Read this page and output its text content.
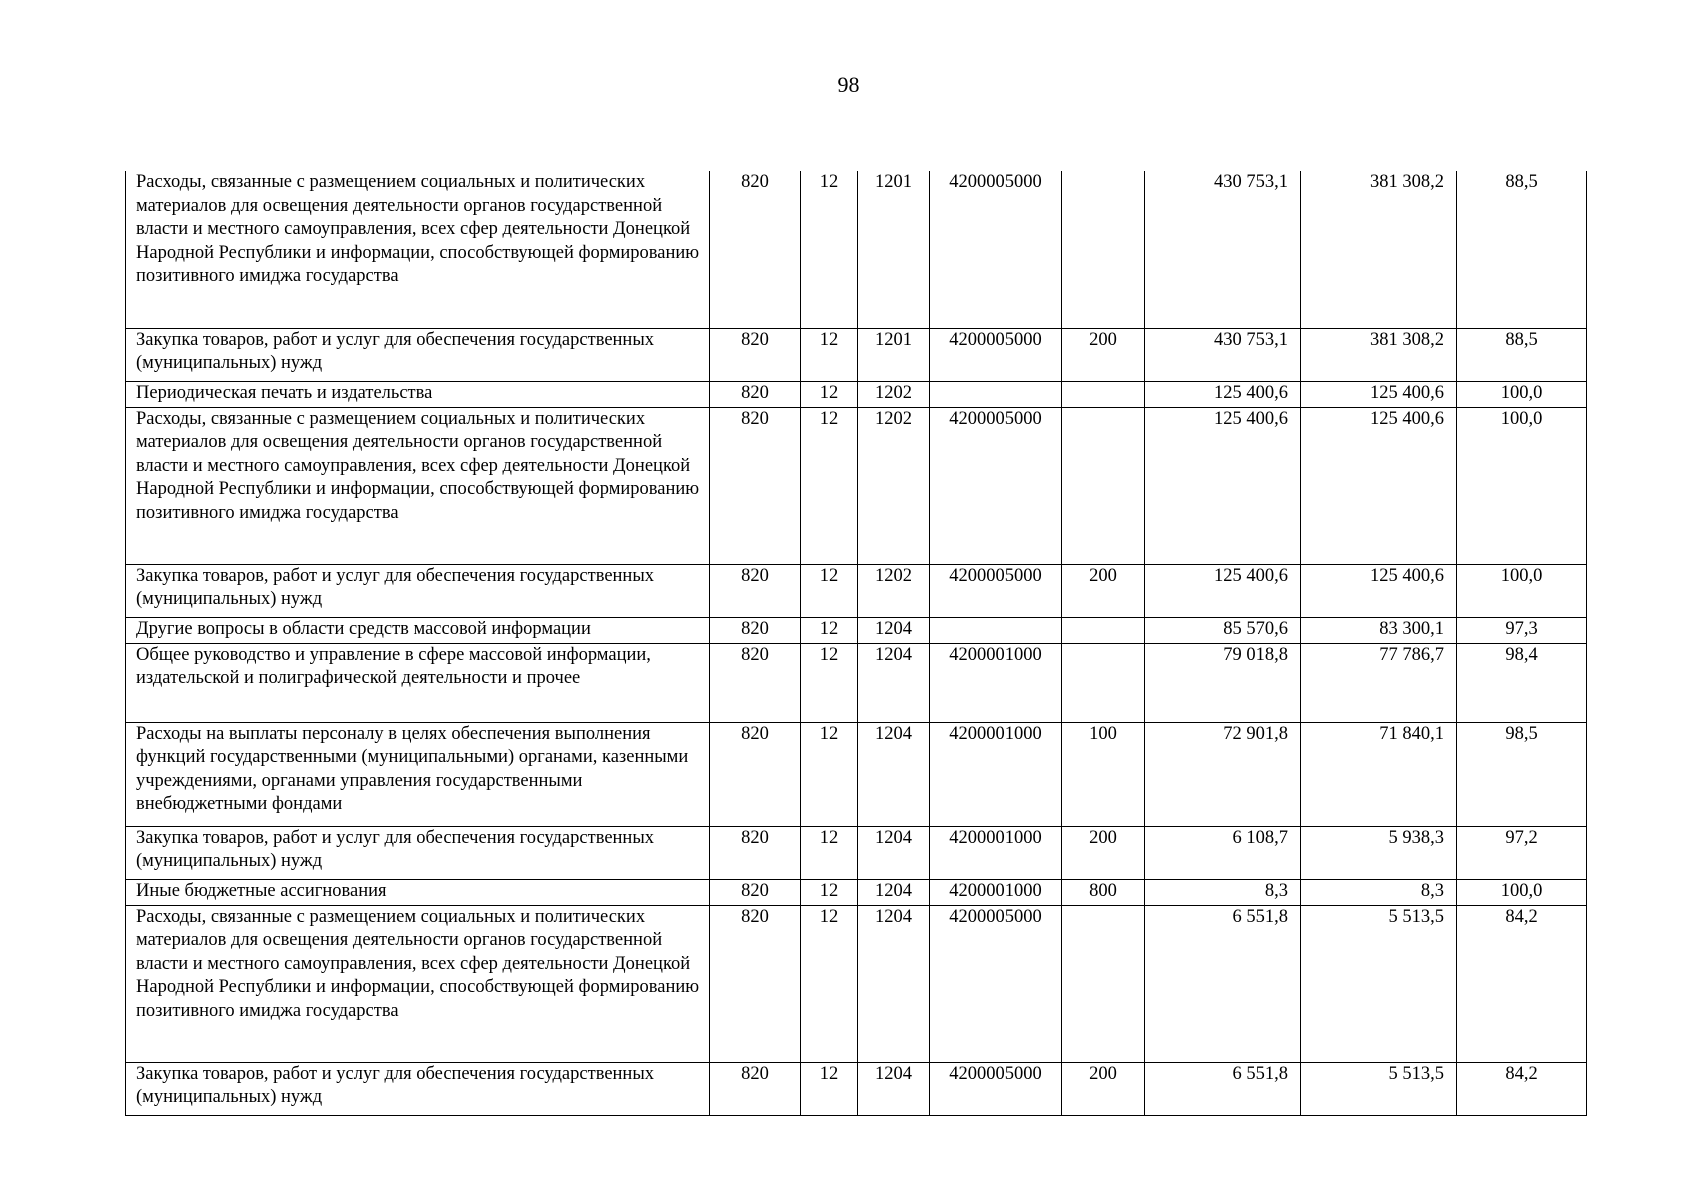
98
Расходы, связанные с размещением социальных и политических материалов для освещения деятельности органов государственной власти и местного самоуправления, всех сфер деятельности Донецкой Народной Республики и информации, способствующей формированию позитивного имиджа государства	820	12	1201	4200005000		430 753,1	381 308,2	88,5
Закупка товаров, работ и услуг для обеспечения государственных (муниципальных) нужд	820	12	1201	4200005000	200	430 753,1	381 308,2	88,5
Периодическая печать и издательства	820	12	1202			125 400,6	125 400,6	100,0
Расходы, связанные с размещением социальных и политических материалов для освещения деятельности органов государственной власти и местного самоуправления, всех сфер деятельности Донецкой Народной Республики и информации, способствующей формированию позитивного имиджа государства	820	12	1202	4200005000		125 400,6	125 400,6	100,0
Закупка товаров, работ и услуг для обеспечения государственных (муниципальных) нужд	820	12	1202	4200005000	200	125 400,6	125 400,6	100,0
Другие вопросы в области средств массовой информации	820	12	1204			85 570,6	83 300,1	97,3
Общее руководство и управление в сфере массовой информации, издательской и полиграфической деятельности и прочее	820	12	1204	4200001000		79 018,8	77 786,7	98,4
Расходы на выплаты персоналу в целях обеспечения выполнения функций государственными (муниципальными) органами, казенными учреждениями, органами управления государственными внебюджетными фондами	820	12	1204	4200001000	100	72 901,8	71 840,1	98,5
Закупка товаров, работ и услуг для обеспечения государственных (муниципальных) нужд	820	12	1204	4200001000	200	6 108,7	5 938,3	97,2
Иные бюджетные ассигнования	820	12	1204	4200001000	800	8,3	8,3	100,0
Расходы, связанные с размещением социальных и политических материалов для освещения деятельности органов государственной власти и местного самоуправления, всех сфер деятельности Донецкой Народной Республики и информации, способствующей формированию позитивного имиджа государства	820	12	1204	4200005000		6 551,8	5 513,5	84,2
Закупка товаров, работ и услуг для обеспечения государственных (муниципальных) нужд	820	12	1204	4200005000	200	6 551,8	5 513,5	84,2
